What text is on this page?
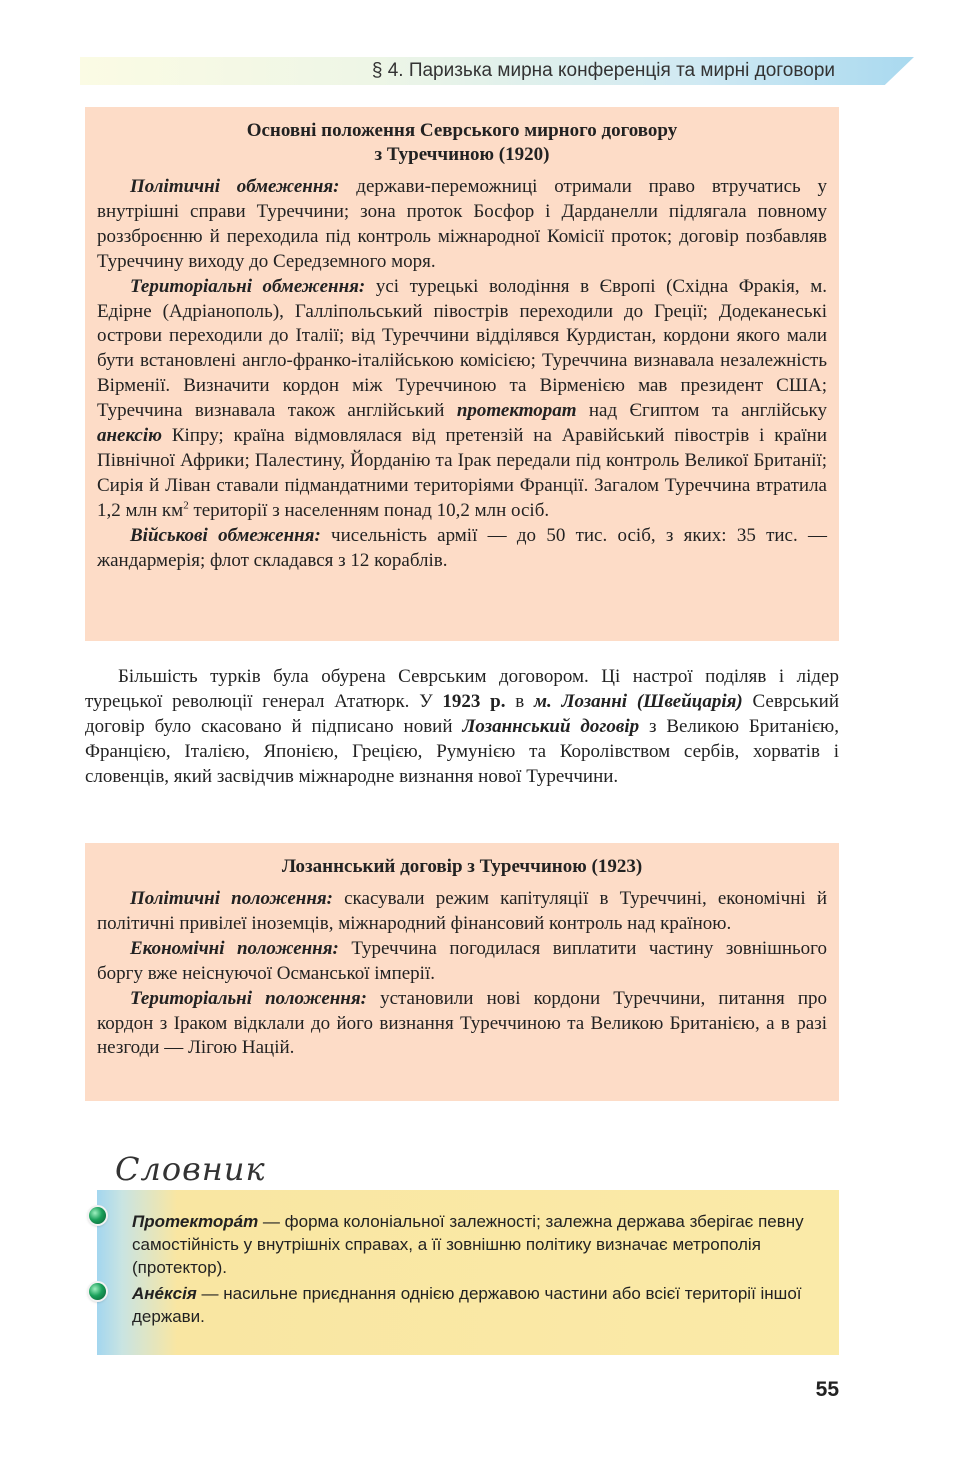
§ 4. Паризька мирна конференція та мирні договори
Основні положення Севрського мирного договору
з Туреччиною (1920)

Політичні обмеження: держави-переможниці отримали право втручатись у внутрішні справи Туреччини; зона проток Босфор і Дарданелли підлягала повному роззброєнню й переходила під контроль міжнародної Комісії проток; договір позбавляв Туреччину виходу до Середземного моря.

Територіальні обмеження: усі турецькі володіння в Європі (Східна Фракія, м. Едірне (Адріанополь), Галліпольський півострів переходили до Греції; Додеканеські острови переходили до Італії; від Туреччини відділявся Курдистан, кордони якого мали бути встановлені англо-франко-італійською комісією; Туреччина визнавала незалежність Вірменії. Визначити кордон між Туреччиною та Вірменією мав президент США; Туреччина визнавала також англійський протекторат над Єгиптом та англійську анексію Кіпру; країна відмовлялася від претензій на Аравійський півострів і країни Північної Африки; Палестину, Йорданію та Ірак передали під контроль Великої Британії; Сирія й Ліван ставали підмандатними територіями Франції. Загалом Туреччина втратила 1,2 млн $км^2$ території з населенням понад 10,2 млн осіб.

Військові обмеження: чисельність армії — до 50 тис. осіб, з яких: 35 тис. — жандармерія; флот складався з 12 кораблів.

Більшість турків була обурена Севрським договором. Ці настрої поділяв і лідер турецької революції генерал Ататюрк. У 1923 р. в м. Лозанні (Швейцарія) Севрський договір було скасовано й підписано новий Лозаннський договір з Великою Британією, Францією, Італією, Японією, Грецією, Румунією та Королівством сербів, хорватів і словенців, який засвідчив міжнародне визнання нової Туреччини.

Лозаннський договір з Туреччиною (1923)

Політичні положення: скасували режим капітуляції в Туреччині, економічні й політичні привілеї іноземців, міжнародний фінансовий контроль над країною.

Економічні положення: Туреччина погодилася виплатити частину зовнішнього боргу вже неіснуючої Османської імперії.

Територіальні положення: установили нові кордони Туреччини, питання про кордон з Іраком відклали до його визнання Туреччиною та Великою Британією, а в разі незгоди — Лігою Націй.

Словник
Протекторáт — форма колоніальної залежності; залежна держава зберігає певну самостійність у внутрішніх справах, а її зовнішню політику визначає метрополія (протектор).
Анéксія — насильне приєднання однією державою частини або всієї території іншої держави.
55
